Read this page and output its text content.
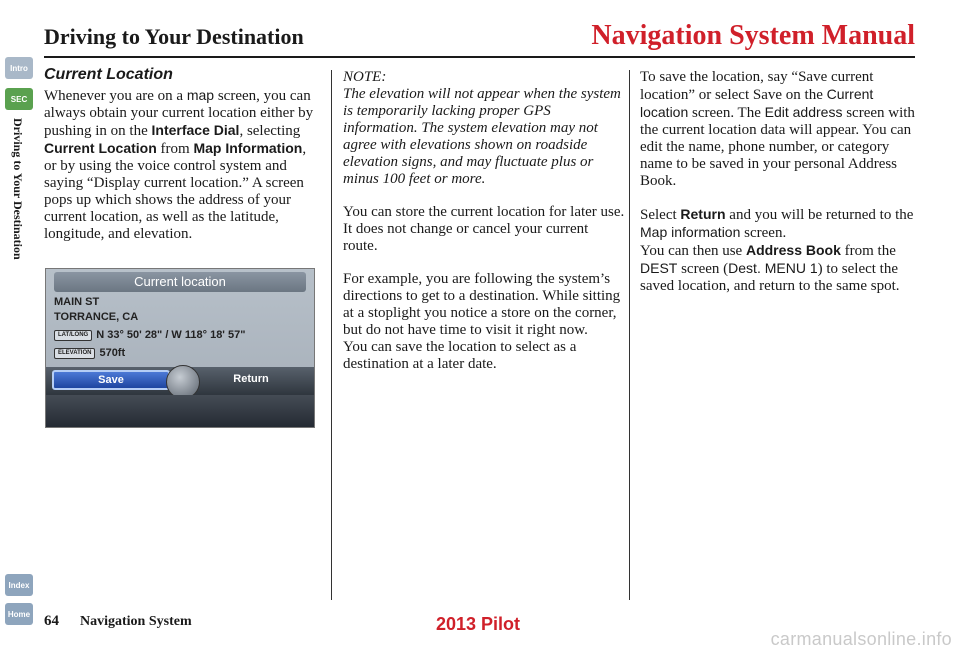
Driving to Your Destination	Navigation System Manual
Intro
SEC
Index
Home
Driving to Your Destination
Current Location

Whenever you are on a map screen, you can always obtain your current location either by pushing in on the Interface Dial, selecting Current Location from Map Information, or by using the voice control system and saying “Display current location.” A screen pops up which shows the address of your current location, as well as the latitude, longitude, and elevation.

Current location
MAIN ST
TORRANCE, CA
LAT/LONG N 33° 50' 28" / W 118° 18' 57"
ELEVATION 570ft
Save	Return
NOTE:

The elevation will not appear when the system is temporarily lacking proper GPS information. The system elevation may not agree with elevations shown on roadside elevation signs, and may fluctuate plus or minus 100 feet or more.

You can store the current location for later use. It does not change or cancel your current route.

For example, you are following the system’s directions to get to a destination. While sitting at a stoplight you notice a store on the corner, but do not have time to visit it right now.

You can save the location to select as a destination at a later date.

To save the location, say “Save current location” or select Save on the Current location screen. The Edit address screen with the current location data will appear. You can edit the name, phone number, or category name to be saved in your personal Address Book.

Select Return and you will be returned to the Map information screen.

You can then use Address Book from the DEST screen (Dest. MENU 1) to select the saved location, and return to the same spot.

64 Navigation System	2013 Pilot
carmanualsonline.info
